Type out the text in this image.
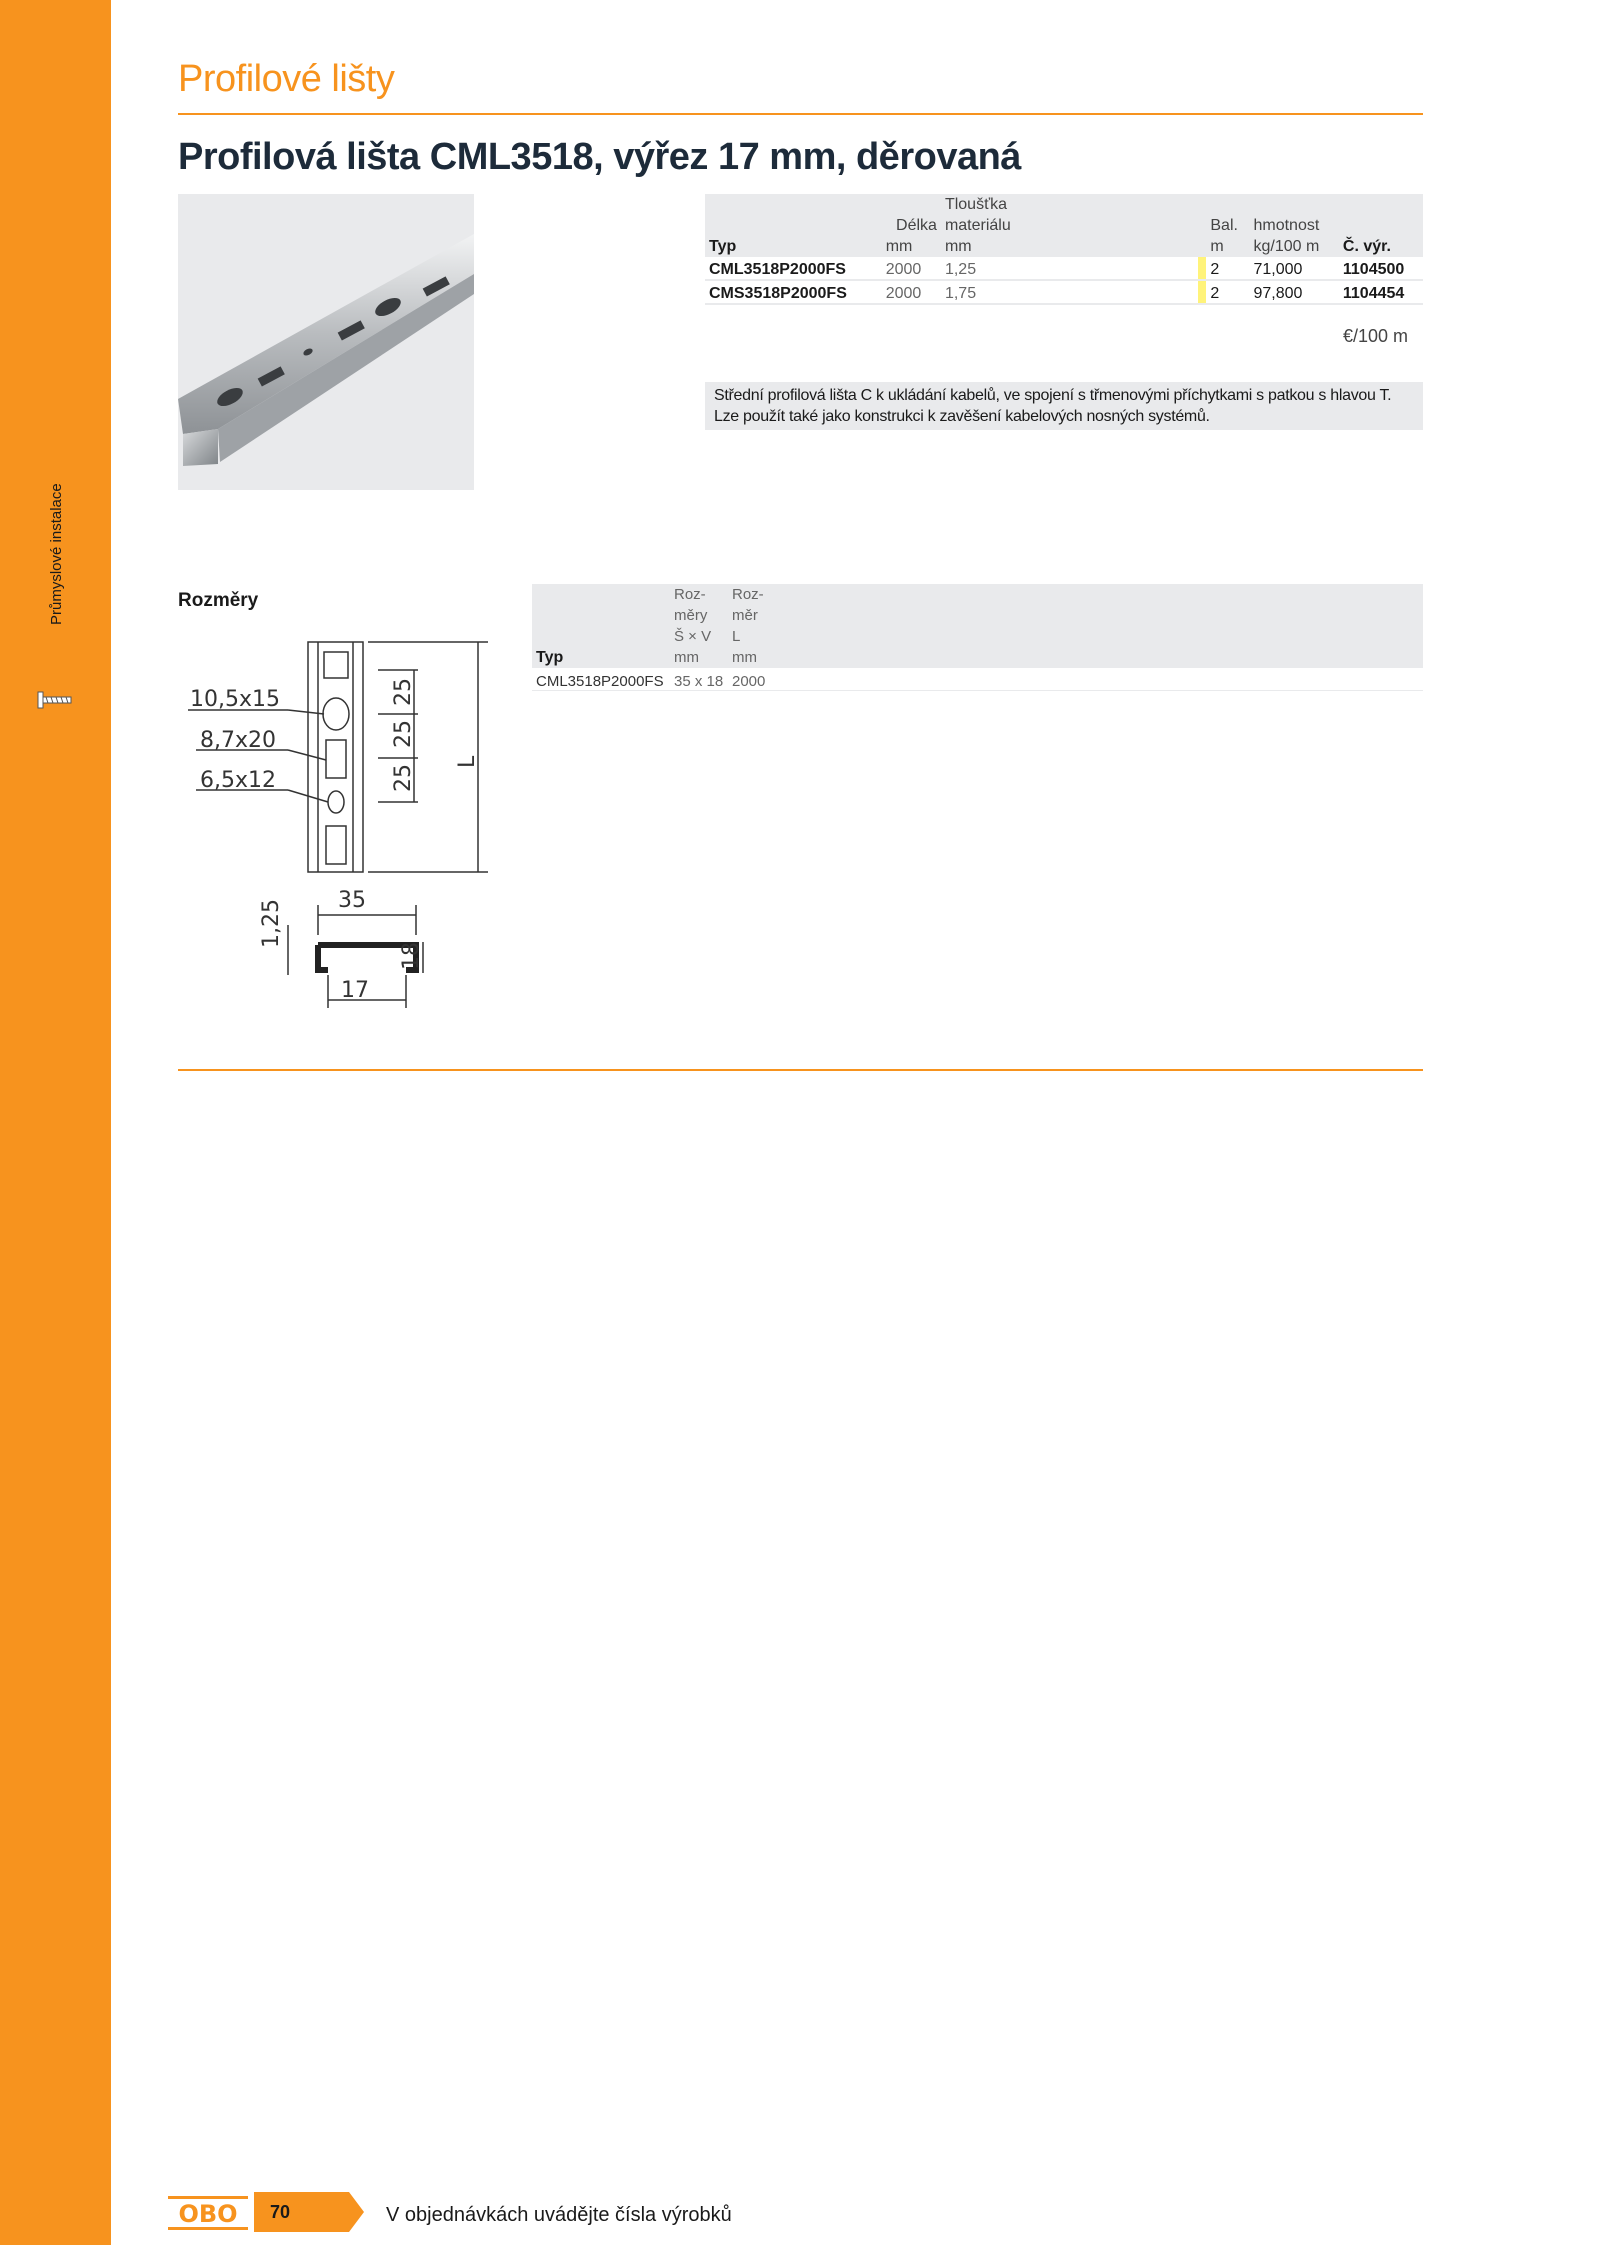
Průmyslové instalace
Profilové lišty
Profilová lišta CML3518, výřez 17 mm, děrovaná
		Tloušťka					
	Délka	materiálu			Bal.	hmotnost	
Typ	mm	mm			m	kg/100 m	Č. výr.
CML3518P2000FS	2000	1,25			2	71,000	1104500
CMS3518P2000FS	2000	1,75			2	97,800	1104454
€/100 m
Střední profilová lišta C k ukládání kabelů, ve spojení s třmenovými příchytkami s patkou s hlavou T. Lze použít také jako konstrukci k zavěšení kabelových nosných systémů.
Rozměry
		Roz-	Roz-
	měry	měr
	Š × V	L
Typ	mm	mm
CML3518P2000FS	35 x 18	2000
10,5x15
8,7x20
6,5x12
25
25
25
L
35
1,25
18
17
OBO 70	V objednávkách uvádějte čísla výrobků
